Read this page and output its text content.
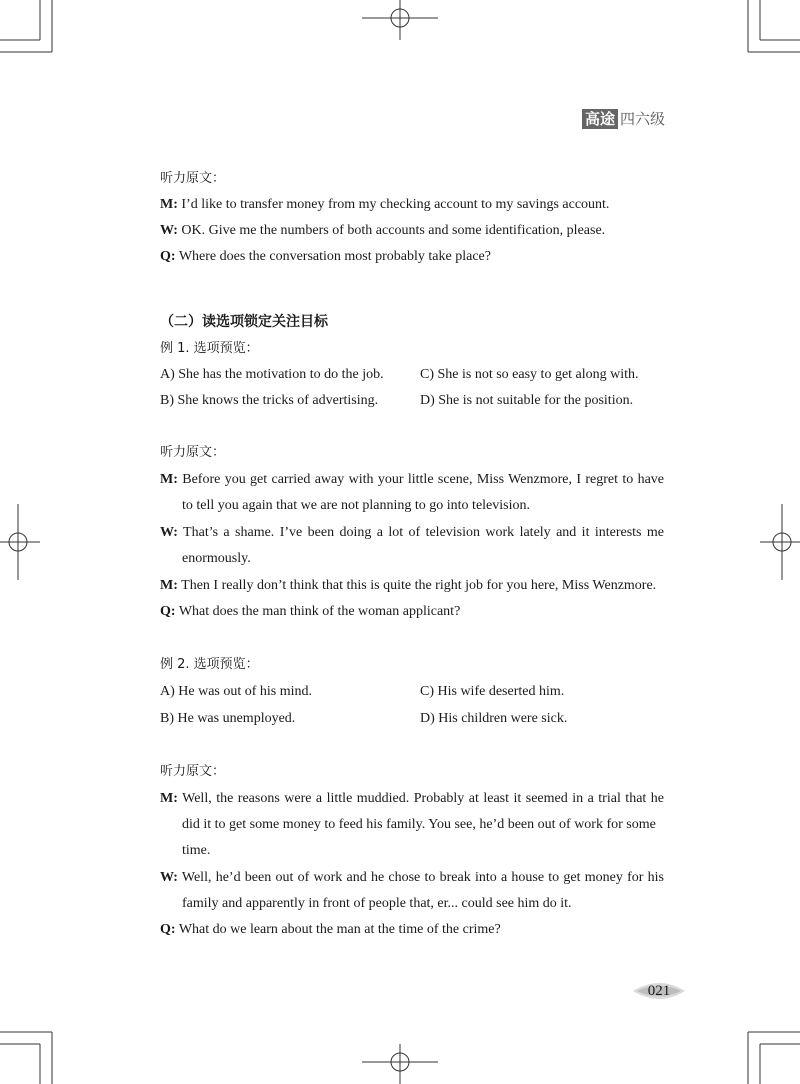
高途 四六级
听力原文：
M: I’d like to transfer money from my checking account to my savings account.
W: OK. Give me the numbers of both accounts and some identification, please.
Q: Where does the conversation most probably take place?
（二）读选项锁定关注目标
例 1. 选项预览：
A) She has the motivation to do the job.	C) She is not so easy to get along with.
B) She knows the tricks of advertising.	D) She is not suitable for the position.
听力原文：
M: Before you get carried away with your little scene, Miss Wenzmore, I regret to have
to tell you again that we are not planning to go into television.
W: That’s a shame. I’ve been doing a lot of television work lately and it interests me
enormously.
M: Then I really don’t think that this is quite the right job for you here, Miss Wenzmore.
Q: What does the man think of the woman applicant?
例 2. 选项预览：
A) He was out of his mind.	C) His wife deserted him.
B) He was unemployed.	D) His children were sick.
听力原文：
M: Well, the reasons were a little muddied. Probably at least it seemed in a trial that he
did it to get some money to feed his family. You see, he’d been out of work for some
time.
W: Well, he’d been out of work and he chose to break into a house to get money for his
family and apparently in front of people that, er... could see him do it.
Q: What do we learn about the man at the time of the crime?
021
